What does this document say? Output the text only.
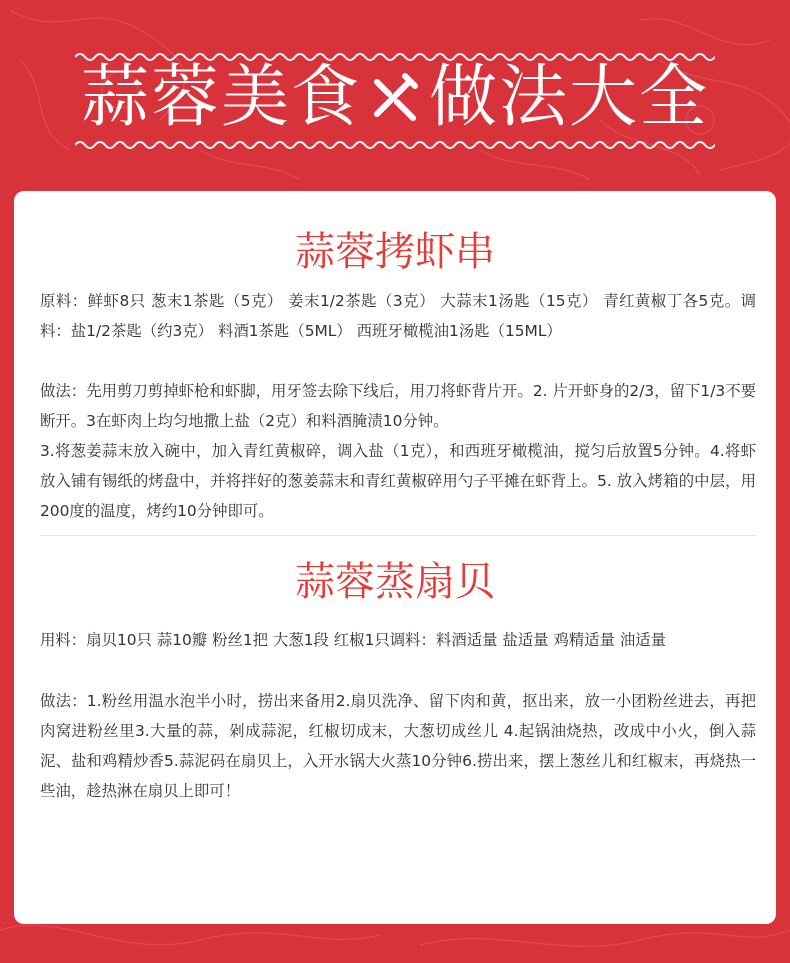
蒜蓉美食 做法大全
蒜蓉拷虾串
原料：鲜虾8只 葱末1茶匙（5克） 姜末1/2茶匙（3克） 大蒜末1汤匙（15克） 青红黄椒丁各5克。调料：盐1/2茶匙（约3克） 料酒1茶匙（5ML） 西班牙橄榄油1汤匙（15ML）
做法：先用剪刀剪掉虾枪和虾脚，用牙签去除下线后，用刀将虾背片开。2. 片开虾身的2/3，留下1/3不要断开。3在虾肉上均匀地撒上盐（2克）和料酒腌渍10分钟。
3.将葱姜蒜末放入碗中，加入青红黄椒碎，调入盐（1克），和西班牙橄榄油，搅匀后放置5分钟。4.将虾放入铺有锡纸的烤盘中，并将拌好的葱姜蒜末和青红黄椒碎用勺子平摊在虾背上。5. 放入烤箱的中层，用200度的温度，烤约10分钟即可。
蒜蓉蒸扇贝
用料：扇贝10只 蒜10瓣 粉丝1把 大葱1段 红椒1只调料：料酒适量 盐适量 鸡精适量 油适量
做法：1.粉丝用温水泡半小时，捞出来备用2.扇贝洗净、留下肉和黄，抠出来，放一小团粉丝进去，再把肉窝进粉丝里3.大量的蒜，剁成蒜泥，红椒切成末，大葱切成丝儿 4.起锅油烧热，改成中小火，倒入蒜泥、盐和鸡精炒香5.蒜泥码在扇贝上，入开水锅大火蒸10分钟6.捞出来，摆上葱丝儿和红椒末，再烧热一些油，趁热淋在扇贝上即可！
